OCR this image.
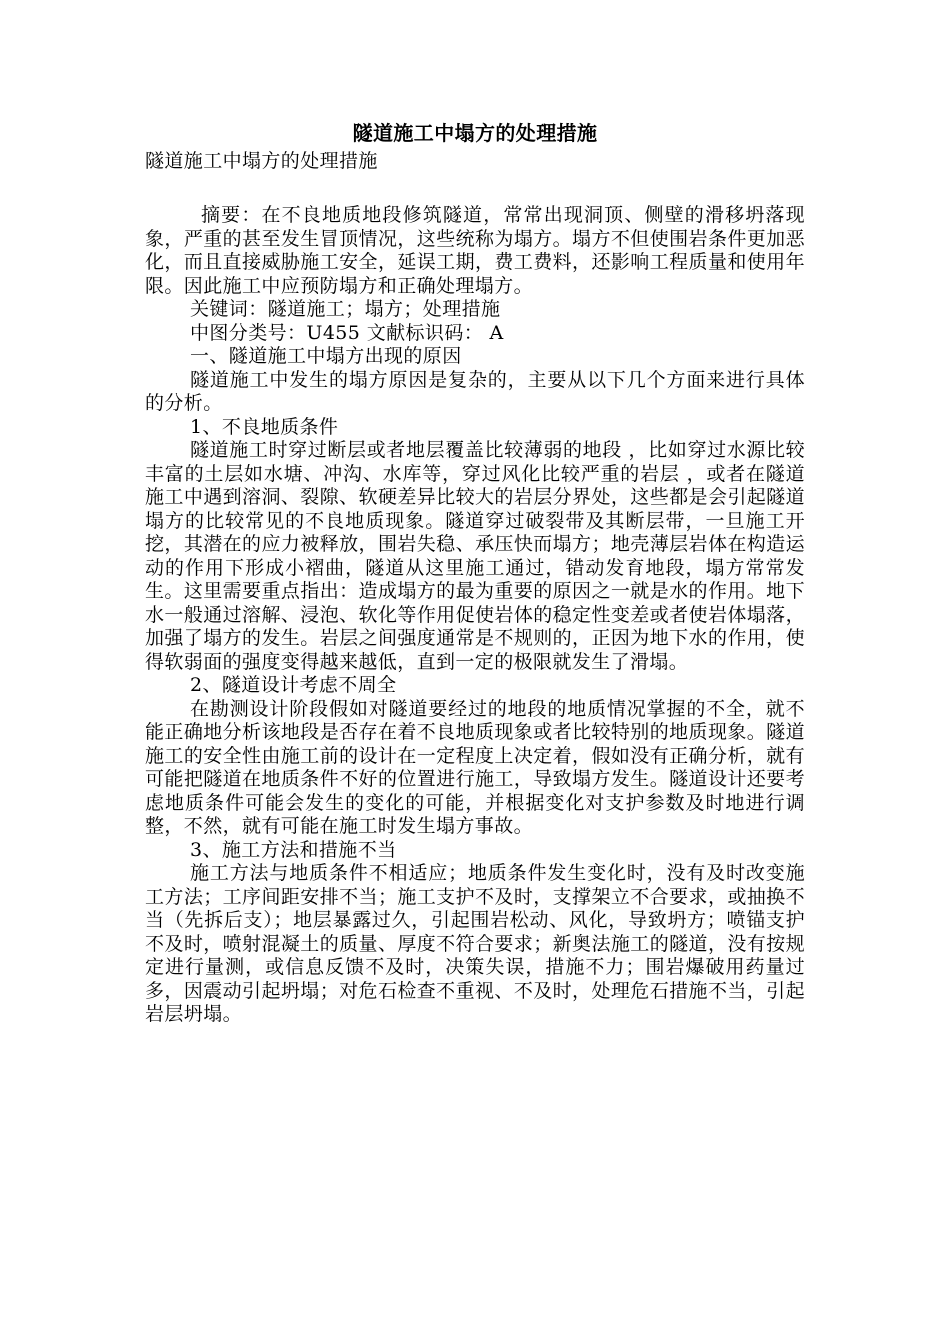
隧道施工中塌方的处理措施

隧道施工中塌方的处理措施

摘要：在不良地质地段修筑隧道，常常出现洞顶、侧壁的滑移坍落现象，严重的甚至发生冒顶情况，这些统称为塌方。塌方不但使围岩条件更加恶化，而且直接威胁施工安全，延误工期，费工费料，还影响工程质量和使用年限。因此施工中应预防塌方和正确处理塌方。

关键词：隧道施工；塌方；处理措施

中图分类号：U455 文献标识码： A

一、隧道施工中塌方出现的原因

隧道施工中发生的塌方原因是复杂的，主要从以下几个方面来进行具体的分析。

1、不良地质条件

隧道施工时穿过断层或者地层覆盖比较薄弱的地段 ，比如穿过水源比较丰富的土层如水塘、冲沟、水库等，穿过风化比较严重的岩层 ，或者在隧道施工中遇到溶洞、裂隙、软硬差异比较大的岩层分界处，这些都是会引起隧道塌方的比较常见的不良地质现象。隧道穿过破裂带及其断层带，一旦施工开挖，其潜在的应力被释放，围岩失稳、承压快而塌方；地壳薄层岩体在构造运动的作用下形成小褶曲，隧道从这里施工通过，错动发育地段，塌方常常发生。这里需要重点指出：造成塌方的最为重要的原因之一就是水的作用。地下水一般通过溶解、浸泡、软化等作用促使岩体的稳定性变差或者使岩体塌落，加强了塌方的发生。岩层之间强度通常是不规则的，正因为地下水的作用，使得软弱面的强度变得越来越低，直到一定的极限就发生了滑塌。

2、隧道设计考虑不周全

在勘测设计阶段假如对隧道要经过的地段的地质情况掌握的不全，就不能正确地分析该地段是否存在着不良地质现象或者比较特别的地质现象。隧道施工的安全性由施工前的设计在一定程度上决定着，假如没有正确分析，就有可能把隧道在地质条件不好的位置进行施工，导致塌方发生。隧道设计还要考虑地质条件可能会发生的变化的可能，并根据变化对支护参数及时地进行调整，不然，就有可能在施工时发生塌方事故。

3、施工方法和措施不当

施工方法与地质条件不相适应；地质条件发生变化时，没有及时改变施工方法；工序间距安排不当；施工支护不及时，支撑架立不合要求，或抽换不当（先拆后支）；地层暴露过久，引起围岩松动、风化，导致坍方；喷锚支护不及时，喷射混凝土的质量、厚度不符合要求；新奥法施工的隧道，没有按规定进行量测，或信息反馈不及时，决策失误，措施不力；围岩爆破用药量过多，因震动引起坍塌；对危石检查不重视、不及时，处理危石措施不当，引起岩层坍塌。
